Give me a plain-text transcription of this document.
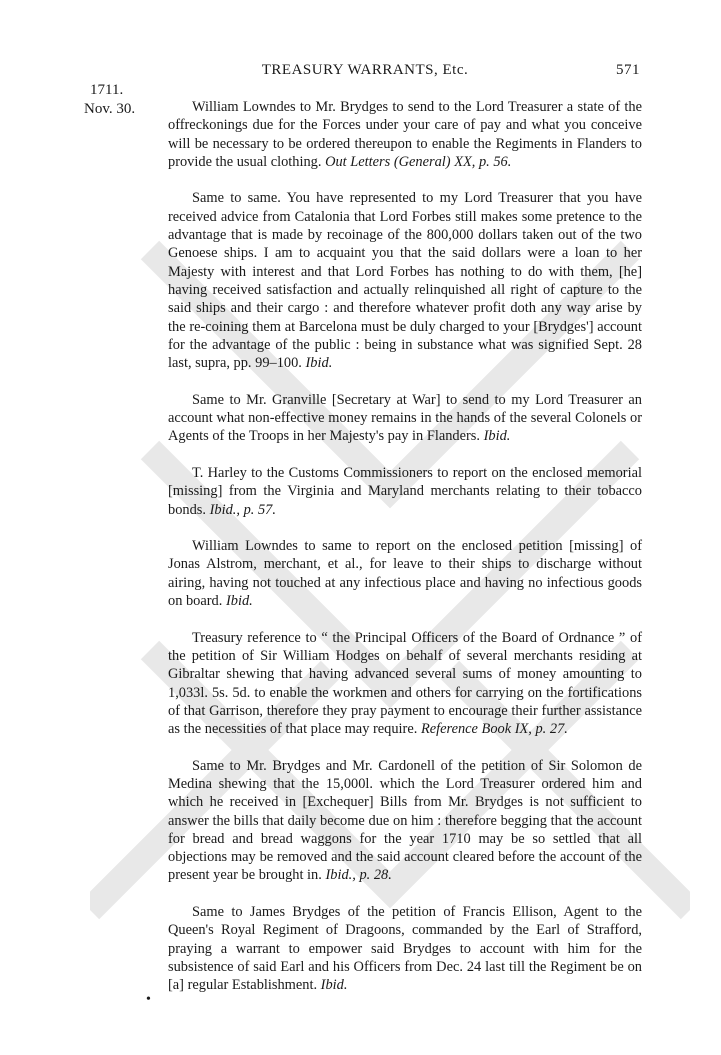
TREASURY WARRANTS, Etc.	571
1711.
Nov. 30.	William Lowndes to Mr. Brydges to send to the Lord Treasurer a state of the offreckonings due for the Forces under your care of pay and what you conceive will be necessary to be ordered thereupon to enable the Regiments in Flanders to provide the usual clothing. Out Letters (General) XX, p. 56.

Same to same. You have represented to my Lord Treasurer that you have received advice from Catalonia that Lord Forbes still makes some pretence to the advantage that is made by recoinage of the 800,000 dollars taken out of the two Genoese ships. I am to acquaint you that the said dollars were a loan to her Majesty with interest and that Lord Forbes has nothing to do with them, [he] having received satisfaction and actually relinquished all right of capture to the said ships and their cargo : and therefore whatever profit doth any way arise by the re-coining them at Barcelona must be duly charged to your [Brydges'] account for the advantage of the public : being in substance what was signified Sept. 28 last, supra, pp. 99–100. Ibid.

Same to Mr. Granville [Secretary at War] to send to my Lord Treasurer an account what non-effective money remains in the hands of the several Colonels or Agents of the Troops in her Majesty's pay in Flanders. Ibid.

T. Harley to the Customs Commissioners to report on the enclosed memorial [missing] from the Virginia and Maryland merchants relating to their tobacco bonds. Ibid., p. 57.

William Lowndes to same to report on the enclosed petition [missing] of Jonas Alstrom, merchant, et al., for leave to their ships to discharge without airing, having not touched at any infectious place and having no infectious goods on board. Ibid.

Treasury reference to “ the Principal Officers of the Board of Ordnance ” of the petition of Sir William Hodges on behalf of several merchants residing at Gibraltar shewing that having advanced several sums of money amounting to 1,033l. 5s. 5d. to enable the workmen and others for carrying on the fortifications of that Garrison, therefore they pray payment to encourage their further assistance as the necessities of that place may require. Reference Book IX, p. 27.

Same to Mr. Brydges and Mr. Cardonell of the petition of Sir Solomon de Medina shewing that the 15,000l. which the Lord Treasurer ordered him and which he received in [Exchequer] Bills from Mr. Brydges is not sufficient to answer the bills that daily become due on him : therefore begging that the account for bread and bread waggons for the year 1710 may be so settled that all objections may be removed and the said account cleared before the account of the present year be brought in. Ibid., p. 28.

Same to James Brydges of the petition of Francis Ellison, Agent to the Queen's Royal Regiment of Dragoons, commanded by the Earl of Strafford, praying a warrant to empower said Brydges to account with him for the subsistence of said Earl and his Officers from Dec. 24 last till the Regiment be on [a] regular Establishment. Ibid.

•
